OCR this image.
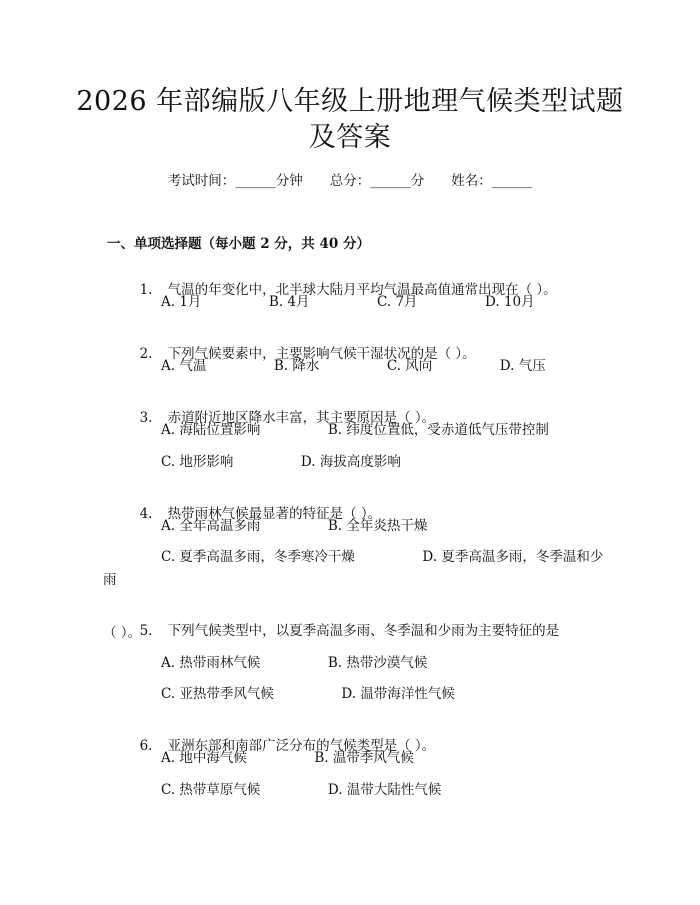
2026 年部编版八年级上册地理气候类型试题
及答案
考试时间：______分钟　　总分：______分　　姓名：______
一、单项选择题（每小题 2 分，共 40 分）

1. 气温的年变化中，北半球大陆月平均气温最高值通常出现在（ ）。

A. 1月　　　　　B. 4月　　　　　C. 7月　　　　　D. 10月

2. 下列气候要素中，主要影响气候干湿状况的是（ ）。

A. 气温　　　　　B. 降水　　　　　C. 风向　　　　　D. 气压

3. 赤道附近地区降水丰富，其主要原因是（ ）。

A. 海陆位置影响　　　　　B. 纬度位置低，受赤道低气压带控制
C. 地形影响　　　　　D. 海拔高度影响

4. 热带雨林气候最显著的特征是（ ）。

A. 全年高温多雨　　　　　B. 全年炎热干燥
C. 夏季高温多雨，冬季寒冷干燥　　　　　D. 夏季高温多雨，冬季温和少
雨

5. 下列气候类型中，以夏季高温多雨、冬季温和少雨为主要特征的是

（ ）。
A. 热带雨林气候　　　　　B. 热带沙漠气候
C. 亚热带季风气候　　　　　D. 温带海洋性气候

6. 亚洲东部和南部广泛分布的气候类型是（ ）。

A. 地中海气候　　　　　B. 温带季风气候
C. 热带草原气候　　　　　D. 温带大陆性气候
